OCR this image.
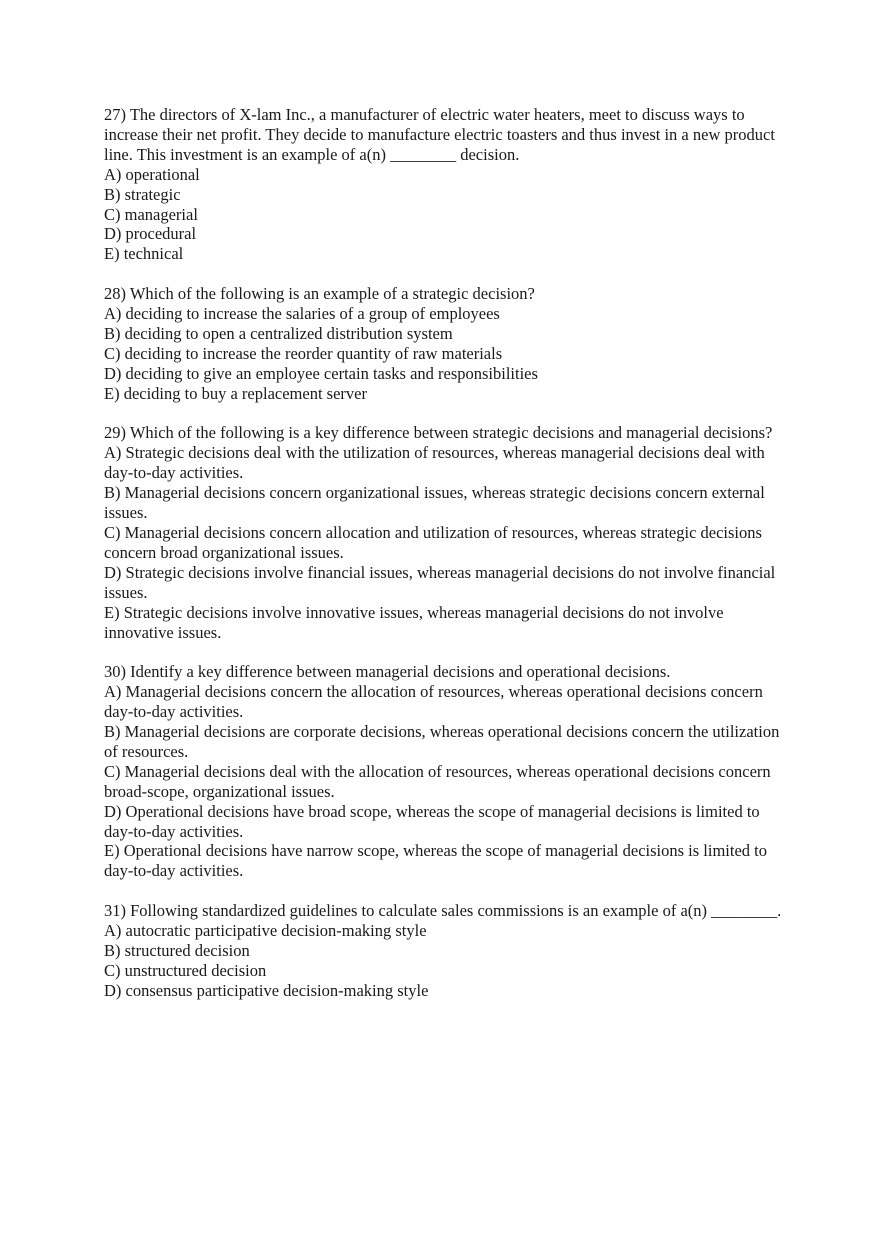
27) The directors of X-lam Inc., a manufacturer of electric water heaters, meet to discuss ways to increase their net profit. They decide to manufacture electric toasters and thus invest in a new product line. This investment is an example of a(n) ________ decision.

A) operational

B) strategic

C) managerial

D) procedural

E) technical

28) Which of the following is an example of a strategic decision?

A) deciding to increase the salaries of a group of employees

B) deciding to open a centralized distribution system

C) deciding to increase the reorder quantity of raw materials

D) deciding to give an employee certain tasks and responsibilities

E) deciding to buy a replacement server

29) Which of the following is a key difference between strategic decisions and managerial decisions?

A) Strategic decisions deal with the utilization of resources, whereas managerial decisions deal with day-to-day activities.

B) Managerial decisions concern organizational issues, whereas strategic decisions concern external issues.

C) Managerial decisions concern allocation and utilization of resources, whereas strategic decisions concern broad organizational issues.

D) Strategic decisions involve financial issues, whereas managerial decisions do not involve financial issues.

E) Strategic decisions involve innovative issues, whereas managerial decisions do not involve innovative issues.

30) Identify a key difference between managerial decisions and operational decisions.

A) Managerial decisions concern the allocation of resources, whereas operational decisions concern day-to-day activities.

B) Managerial decisions are corporate decisions, whereas operational decisions concern the utilization of resources.

C) Managerial decisions deal with the allocation of resources, whereas operational decisions concern broad-scope, organizational issues.

D) Operational decisions have broad scope, whereas the scope of managerial decisions is limited to day-to-day activities.

E) Operational decisions have narrow scope, whereas the scope of managerial decisions is limited to day-to-day activities.

31) Following standardized guidelines to calculate sales commissions is an example of a(n) ________.

A) autocratic participative decision-making style

B) structured decision

C) unstructured decision

D) consensus participative decision-making style
